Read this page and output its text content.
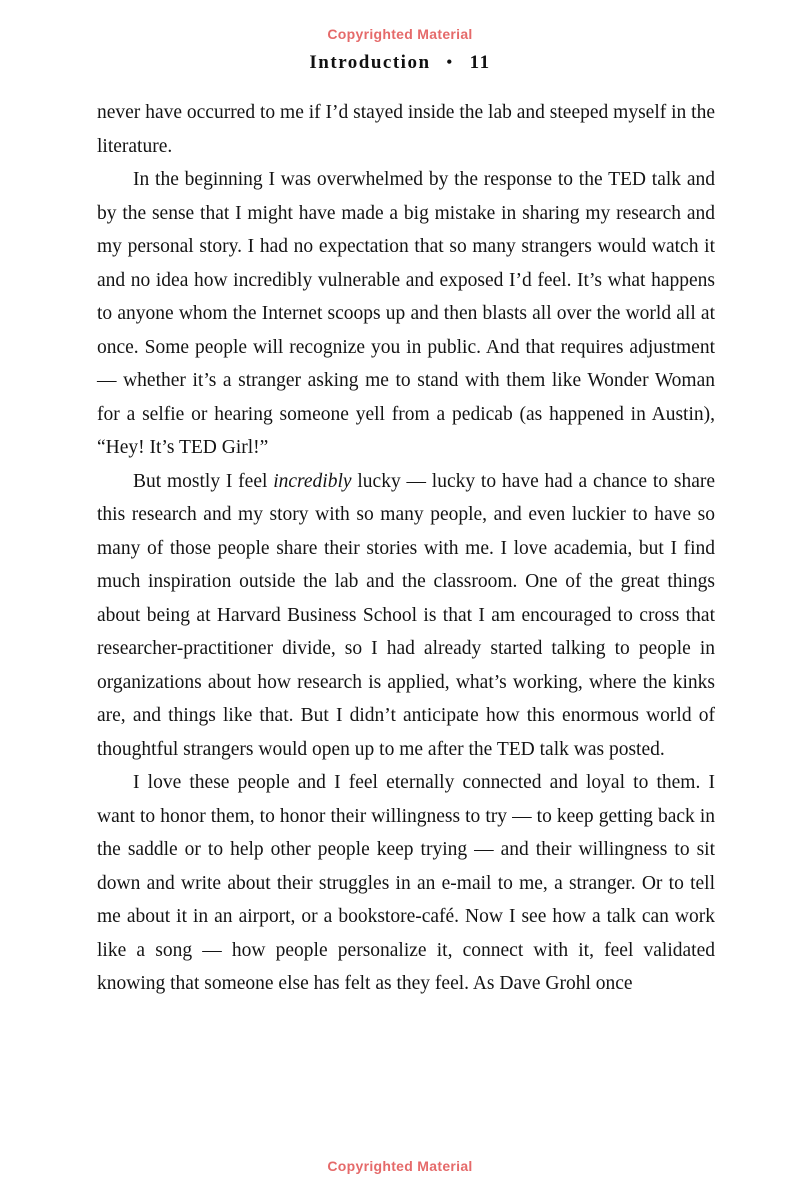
Copyrighted Material
Introduction • 11

never have occurred to me if I’d stayed inside the lab and steeped myself in the literature.

In the beginning I was overwhelmed by the response to the TED talk and by the sense that I might have made a big mistake in sharing my research and my personal story. I had no expectation that so many strangers would watch it and no idea how incredibly vulnerable and exposed I’d feel. It’s what happens to anyone whom the Internet scoops up and then blasts all over the world all at once. Some people will recognize you in public. And that requires adjustment — whether it’s a stranger asking me to stand with them like Wonder Woman for a selfie or hearing someone yell from a pedicab (as happened in Austin), “Hey! It’s TED Girl!”

But mostly I feel incredibly lucky — lucky to have had a chance to share this research and my story with so many people, and even luckier to have so many of those people share their stories with me. I love academia, but I find much inspiration outside the lab and the classroom. One of the great things about being at Harvard Business School is that I am encouraged to cross that researcher-practitioner divide, so I had already started talking to people in organizations about how research is applied, what’s working, where the kinks are, and things like that. But I didn’t anticipate how this enormous world of thoughtful strangers would open up to me after the TED talk was posted.

I love these people and I feel eternally connected and loyal to them. I want to honor them, to honor their willingness to try — to keep getting back in the saddle or to help other people keep trying — and their willingness to sit down and write about their struggles in an e-mail to me, a stranger. Or to tell me about it in an airport, or a bookstore-café. Now I see how a talk can work like a song — how people personalize it, connect with it, feel validated knowing that someone else has felt as they feel. As Dave Grohl once

Copyrighted Material
